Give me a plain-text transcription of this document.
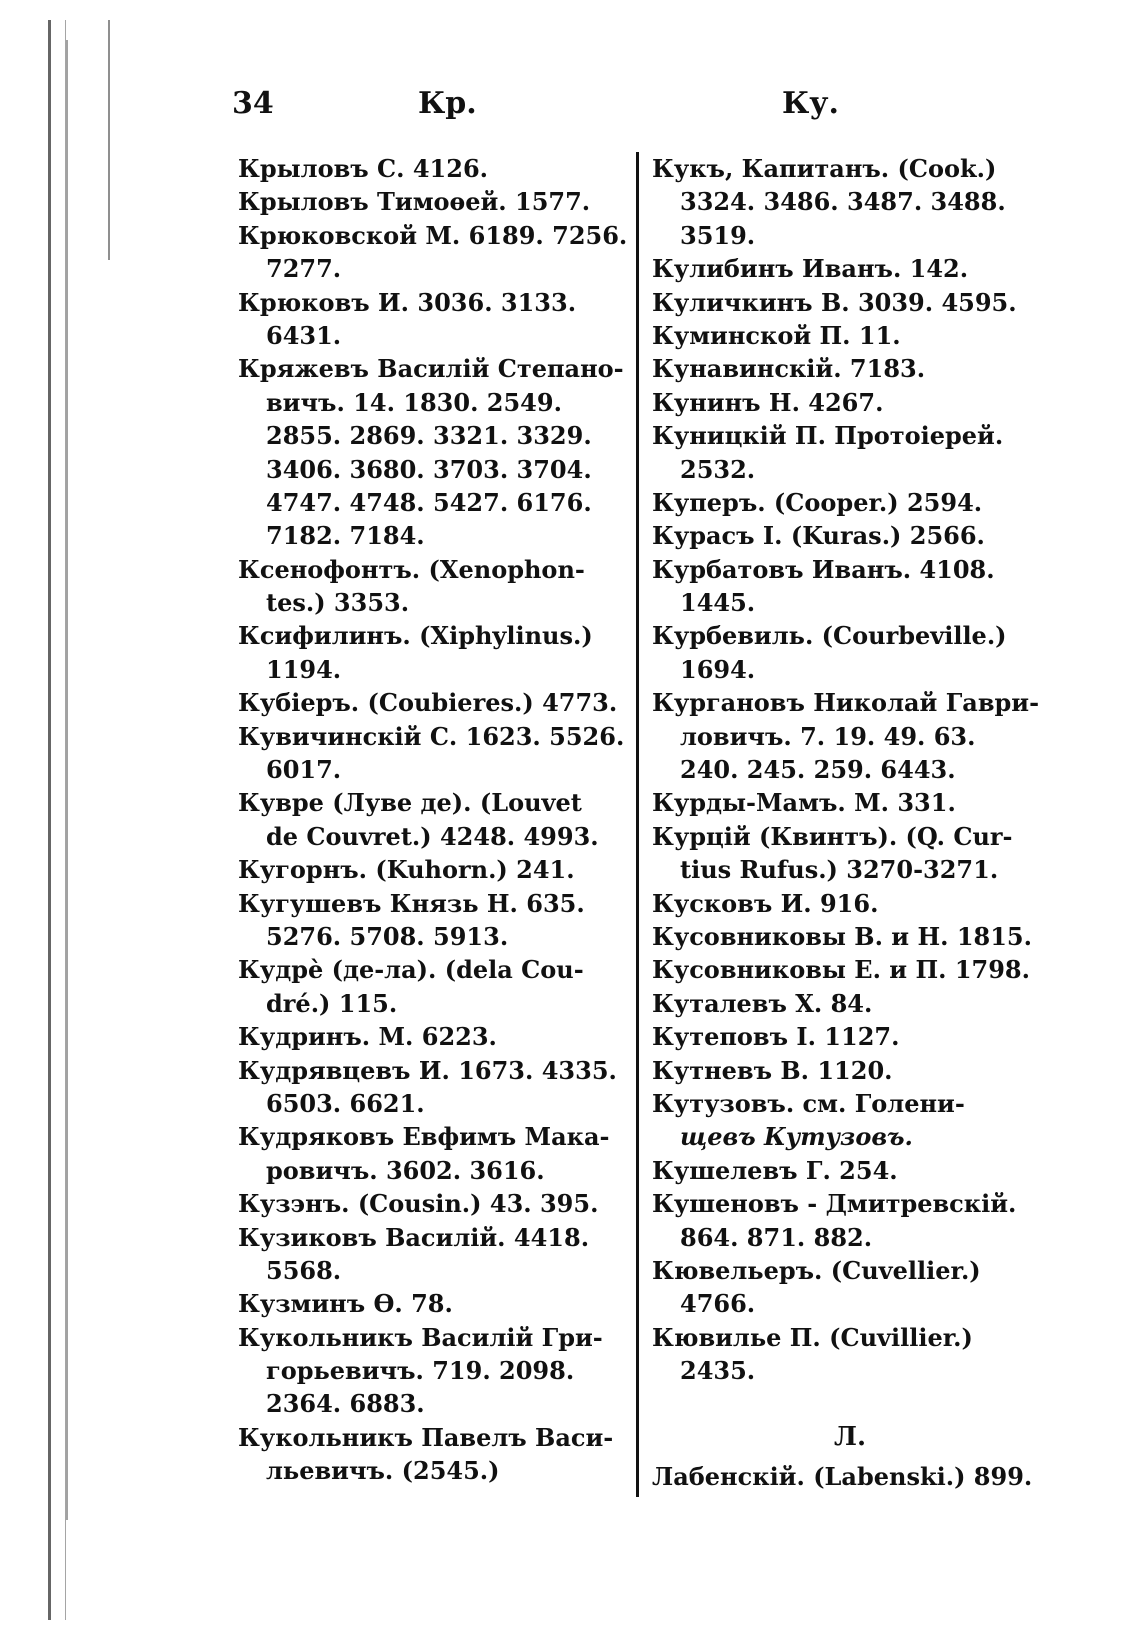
34	Кр.	Ку.
Крыловъ С. 4126.
Крыловъ Тимоѳей. 1577.
Крюковской М. 6189. 7256.
7277.
Крюковъ И. 3036. 3133.
6431.
Кряжевъ Василій Степано-
вичъ. 14. 1830. 2549.
2855. 2869. 3321. 3329.
3406. 3680. 3703. 3704.
4747. 4748. 5427. 6176.
7182. 7184.
Ксенофонтъ. (Xenophon-
tes.) 3353.
Ксифилинъ. (Xiphylinus.)
1194.
Кубіеръ. (Coubieres.) 4773.
Кувичинскій С. 1623. 5526.
6017.
Кувре (Луве де). (Louvet
de Couvret.) 4248. 4993.
Кугорнъ. (Kuhorn.) 241.
Кугушевъ Князь Н. 635.
5276. 5708. 5913.
Кудрѐ (де-ла). (dela Cou-
dré.) 115.
Кудринъ. М. 6223.
Кудрявцевъ И. 1673. 4335.
6503. 6621.
Кудряковъ Евфимъ Мака-
ровичъ. 3602. 3616.
Кузэнъ. (Cousin.) 43. 395.
Кузиковъ Василій. 4418.
5568.
Кузминъ Ѳ. 78.
Кукольникъ Василій Гри-
горьевичъ. 719. 2098.
2364. 6883.
Кукольникъ Павелъ Васи-
льевичъ. (2545.)
Кукъ, Капитанъ. (Cook.)
3324. 3486. 3487. 3488.
3519.
Кулибинъ Иванъ. 142.
Куличкинъ В. 3039. 4595.
Куминской П. 11.
Кунавинскій. 7183.
Кунинъ Н. 4267.
Куницкій П. Протоіерей.
2532.
Куперъ. (Cooper.) 2594.
Курасъ І. (Kuras.) 2566.
Курбатовъ Иванъ. 4108.
1445.
Курбевиль. (Courbeville.)
1694.
Кургановъ Николай Гаври-
ловичъ. 7. 19. 49. 63.
240. 245. 259. 6443.
Курды-Мамъ. М. 331.
Курцій (Квинтъ). (Q. Cur-
tius Rufus.) 3270-3271.
Кусковъ И. 916.
Кусовниковы В. и Н. 1815.
Кусовниковы Е. и П. 1798.
Куталевъ Х. 84.
Кутеповъ І. 1127.
Кутневъ В. 1120.
Кутузовъ. см. Голени-
щевъ Кутузовъ.
Кушелевъ Г. 254.
Кушеновъ - Дмитревскій.
864. 871. 882.
Кювельеръ. (Cuvellier.)
4766.
Кювилье П. (Cuvillier.)
2435.
Л.
Лабенскій. (Labenski.) 899.
